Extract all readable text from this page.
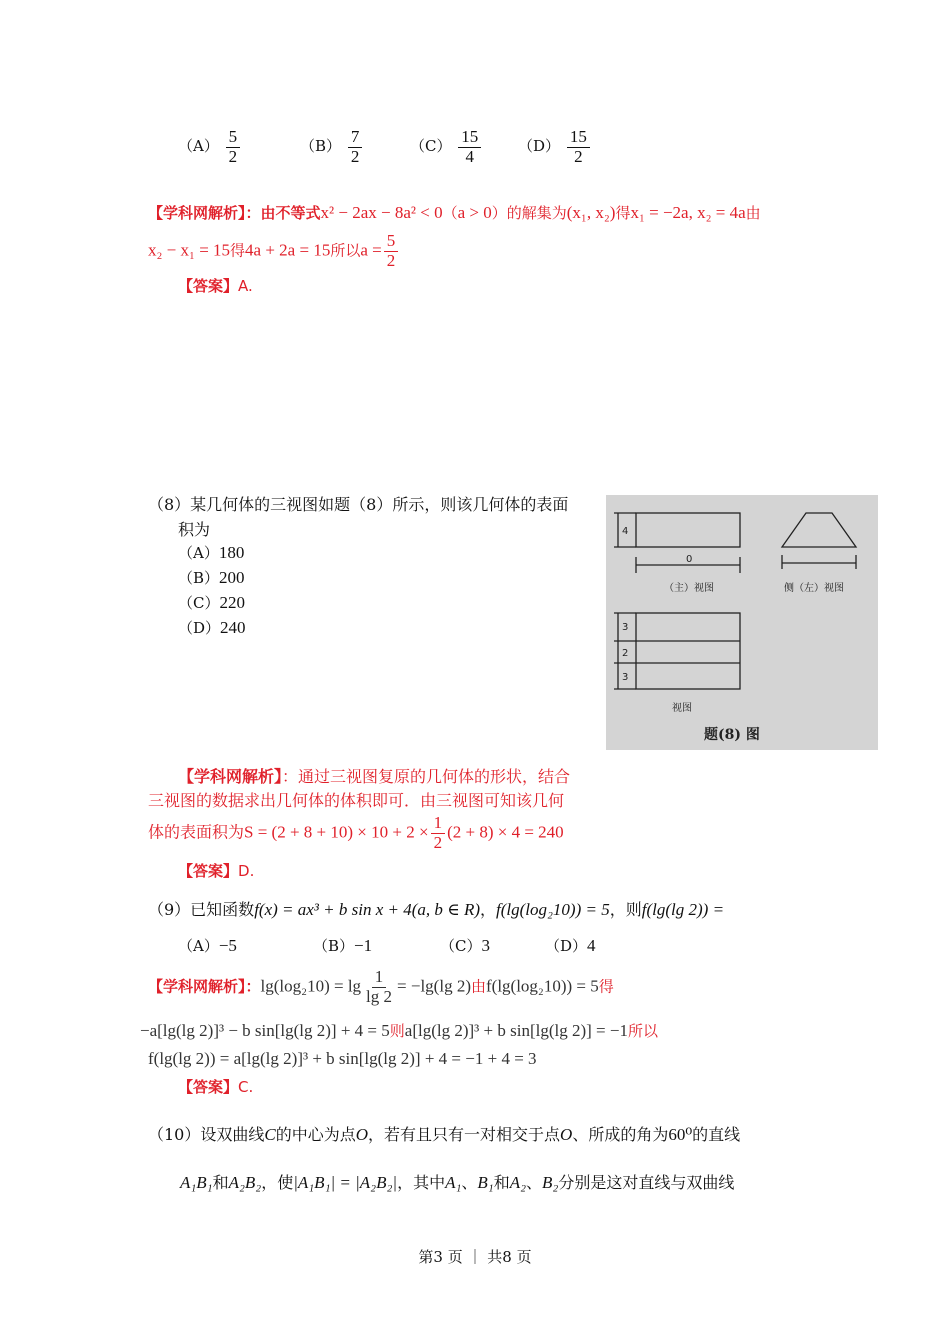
$(A) \frac{5}{2}$	$(B) \frac{7}{2}$	$(C) \frac{15}{4} (D) \frac{15}{2}$
【学科网解析】：由不等式x² − 2ax − 8a² < 0（a > 0）的解集为(x₁, x₂)得x₁ = −2a, x₂ = 4a由
x₂ − x₁ = 15得4a + 2a = 15所以$a = \frac{5}{2}$
【答案】A.
（8）某几何体的三视图如题（8）所示，则该几何体的表面
积为
（A）180
（B）200
（C）220
（D）240
4
0
3
2
3
（主）视图	侧（左）视图
视图
题(8) 图
【学科网解析】：通过三视图复原的几何体的形状，结合
三视图的数据求出几何体的体积即可．由三视图可知该几何
体的表面积为$S = (2 + 8 + 10) \times 10 + 2 \times \frac{1}{2} (2 + 8) \times 4 = 240$
【答案】D.
（9）已知函数f(x) = ax³ + b sin x + 4(a, b ∈ R)，f(lg(log₂10)) = 5，则f(lg(lg 2)) =
（A）−5	（B）−1	（C）3	（D）4
【学科网解析】：$\lg(\log_210) = \lg \frac{1}{\lg 2} = -\lg(\lg$ 2)由f(lg(log₂10)) = 5得
−a[lg(lg 2)]³ − b sin[lg(lg 2)] + 4 = 5则a[lg(lg 2)]³ + b sin[lg(lg 2)] = −1所以
f(lg(lg 2)) = a[lg(lg 2)]³ + b sin[lg(lg 2)] + 4 = −1 + 4 = 3
【答案】C.
（10）设双曲线C的中心为点O，若有且只有一对相交于点O、所成的角为60⁰的直线
A₁B₁和A₂B₂，使|A₁B₁| = |A₂B₂|，其中A₁、B₁和A₂、B₂分别是这对直线与双曲线
第3 页 ｜ 共8 页
